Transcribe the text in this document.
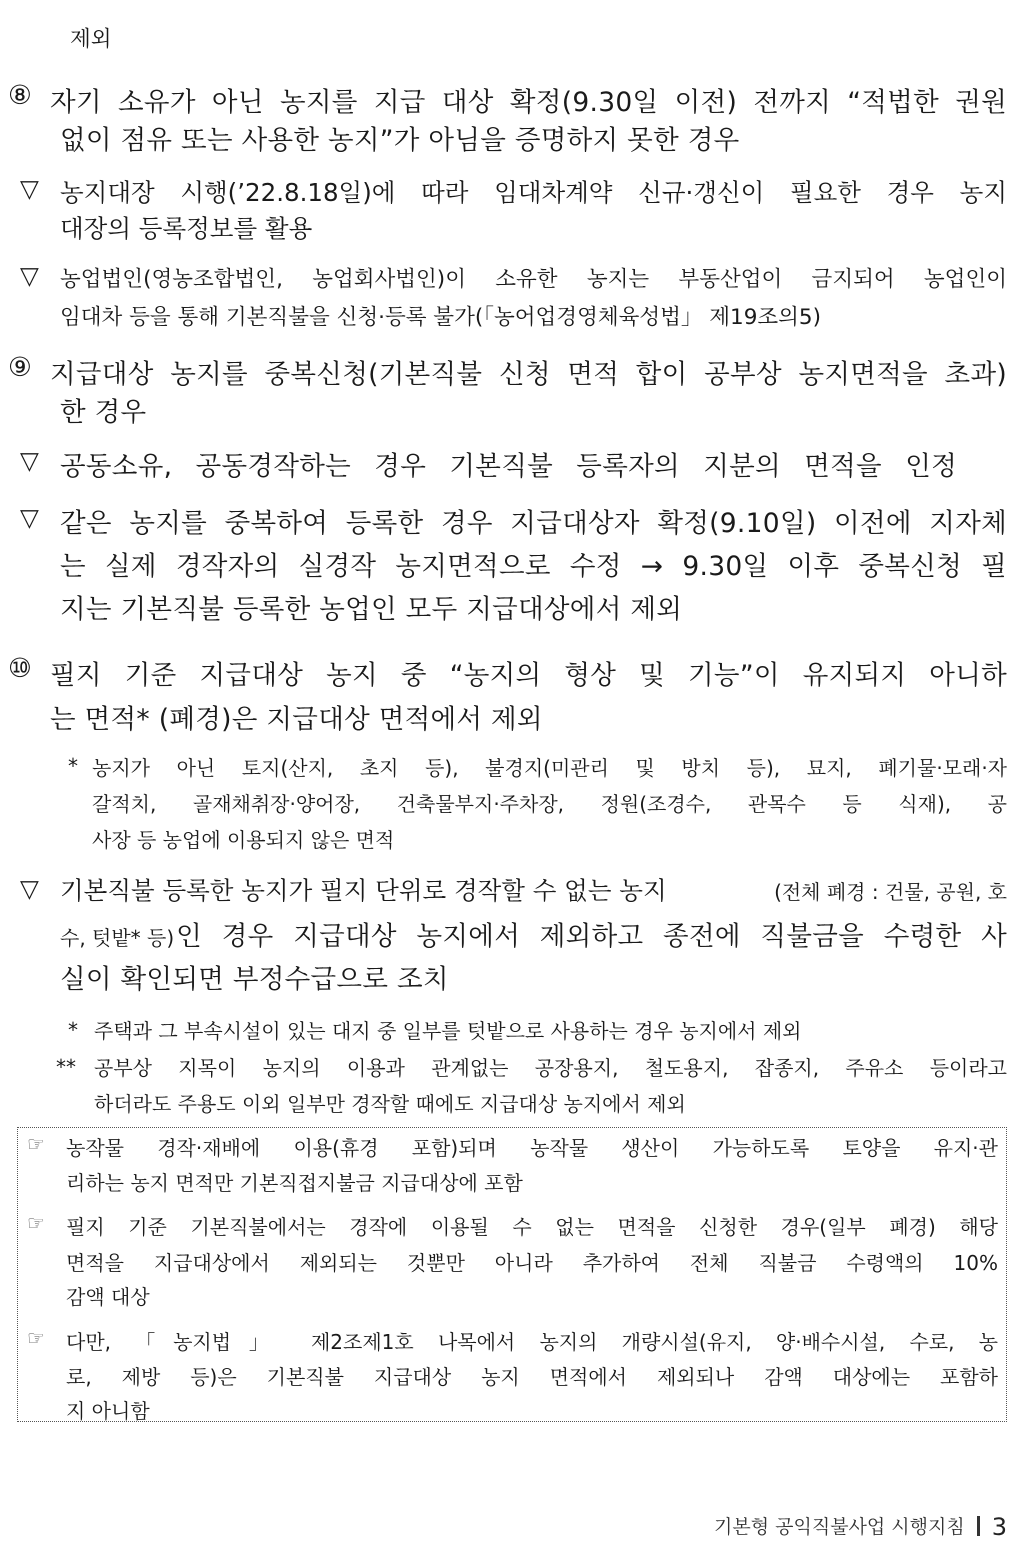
제외
⑧ 자기 소유가 아닌 농지를 지급 대상 확정(9.30일 이전) 전까지 “적법한 권원
없이 점유 또는 사용한 농지”가 아님을 증명하지 못한 경우
▽ 농지대장 시행(’22.8.18일)에 따라 임대차계약 신규·갱신이 필요한 경우 농지
대장의 등록정보를 활용
▽ 농업법인(영농조합법인, 농업회사법인)이 소유한 농지는 부동산업이 금지되어 농업인이
임대차 등을 통해 기본직불을 신청·등록 불가(「농어업경영체육성법」 제19조의5)
⑨ 지급대상 농지를 중복신청(기본직불 신청 면적 합이 공부상 농지면적을 초과)
한 경우
▽ 공동소유, 공동경작하는 경우 기본직불 등록자의 지분의 면적을 인정
▽ 같은 농지를 중복하여 등록한 경우 지급대상자 확정(9.10일) 이전에 지자체
는 실제 경작자의 실경작 농지면적으로 수정 → 9.30일 이후 중복신청 필
지는 기본직불 등록한 농업인 모두 지급대상에서 제외
⑩ 필지 기준 지급대상 농지 중 “농지의 형상 및 기능”이 유지되지 아니하
는 면적* (폐경)은 지급대상 면적에서 제외
* 농지가 아닌 토지(산지, 초지 등), 불경지(미관리 및 방치 등), 묘지, 폐기물·모래·자
갈적치, 골재채취장·양어장, 건축물부지·주차장, 정원(조경수, 관목수 등 식재), 공
사장 등 농업에 이용되지 않은 면적
▽ 기본직불 등록한 농지가 필지 단위로 경작할 수 없는 농지	(전체 폐경 : 건물, 공원, 호
수, 텃밭* 등) 인 경우 지급대상 농지에서 제외하고 종전에 직불금을 수령한 사
실이 확인되면 부정수급으로 조치
* 주택과 그 부속시설이 있는 대지 중 일부를 텃밭으로 사용하는 경우 농지에서 제외
** 공부상 지목이 농지의 이용과 관계없는 공장용지, 철도용지, 잡종지, 주유소 등이라고
하더라도 주용도 이외 일부만 경작할 때에도 지급대상 농지에서 제외
☞ 농작물 경작·재배에 이용(휴경 포함)되며 농작물 생산이 가능하도록 토양을 유지·관
리하는 농지 면적만 기본직접지불금 지급대상에 포함
☞ 필지 기준 기본직불에서는 경작에 이용될 수 없는 면적을 신청한 경우(일부 폐경) 해당
면적을 지급대상에서 제외되는 것뿐만 아니라 추가하여 전체 직불금 수령액의 10%
감액 대상
☞ 다만, 「농지법」 제2조제1호 나목에서 농지의 개량시설(유지, 양·배수시설, 수로, 농
로, 제방 등)은 기본직불 지급대상 농지 면적에서 제외되나 감액 대상에는 포함하
지 아니함
기본형 공익직불사업 시행지침 3
